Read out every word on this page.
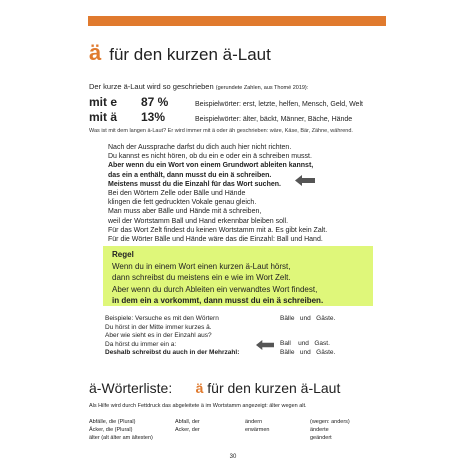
ä für den kurzen ä-Laut
Der kurze ä-Laut wird so geschrieben (gerundete Zahlen, aus Thomé 2019):
mit e 87 %	Beispielwörter: erst, letzte, helfen, Mensch, Geld, Welt
mit ä 13%	Beispielwörter: älter, bäckt, Männer, Bäche, Hände
Was ist mit dem langen ä-Laut? Er wird immer mit ä oder äh geschrieben: wäre, Käse, Bär, Zähne, während.
Nach der Aussprache darfst du dich auch hier nicht richten.
Du kannst es nicht hören, ob du ein e oder ein ä schreiben musst.
Aber wenn du ein Wort von einem Grundwort ableiten kannst,
das ein a enthält, dann musst du ein ä schreiben.
Meistens musst du die Einzahl für das Wort suchen.
Bei den Wörtern Zelle oder Bälle und Hände
klingen die fett gedruckten Vokale genau gleich.
Man muss aber Bälle und Hände mit ä schreiben,
weil der Wortstamm Ball und Hand erkennbar bleiben soll.
Für das Wort Zelt findest du keinen Wortstamm mit a. Es gibt kein Zalt.
Für die Wörter Bälle und Hände wäre das die Einzahl: Ball und Hand.
Regel
Wenn du in einem Wort einen kurzen ä-Laut hörst,
dann schreibst du meistens ein e wie im Wort Zelt.
Aber wenn du durch Ableiten ein verwandtes Wort findest,
in dem ein a vorkommt, dann musst du ein ä schreiben.
Beispiele: Versuche es mit den Wörtern
Du hörst in der Mitte immer kurzes ä.
Aber wie sieht es in der Einzahl aus?
Da hörst du immer ein a:
Deshalb schreibst du auch in der Mehrzahl:
Bälle und Gäste.
Ball und Gast.
Bälle und Gäste.
ä-Wörterliste: ä für den kurzen ä-Laut
Als Hilfe wird durch Fettdruck das abgeleitete ä im Wortstamm angezeigt: älter wegen alt.
Abfälle, die (Plural)
Äcker, die (Plural)
älter (alt älter am ältesten)
Abfall, der
Acker, der
ändern
erwärmen
(wegen: anders)
änderte
geändert
30
